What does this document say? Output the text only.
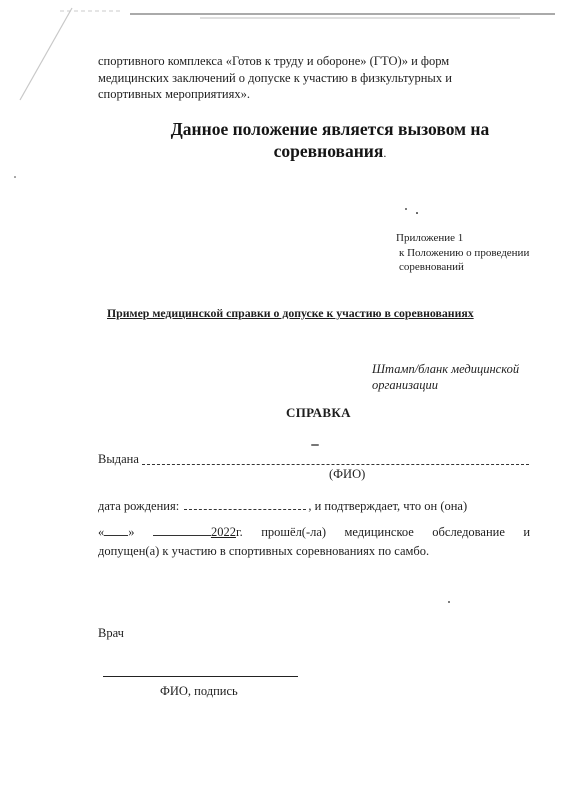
спортивного комплекса «Готов к труду и обороне» (ГТО)» и форм
медицинских заключений о допуске к участию в физкультурных и
спортивных мероприятиях».
Данное положение является вызовом на
соревнования.
Приложение 1
к Положению о проведении
соревнований
Пример медицинской справки о допуске к участию в соревнованиях
Штамп/бланк медицинской
организации
СПРАВКА
Выдана
(ФИО)
дата рождения:	, и подтверждает, что он (она)
« »	2022г. прошёл(-ла) медицинское обследование и
допущен(а) к участию в спортивных соревнованиях по самбо.
Врач
ФИО, подпись
